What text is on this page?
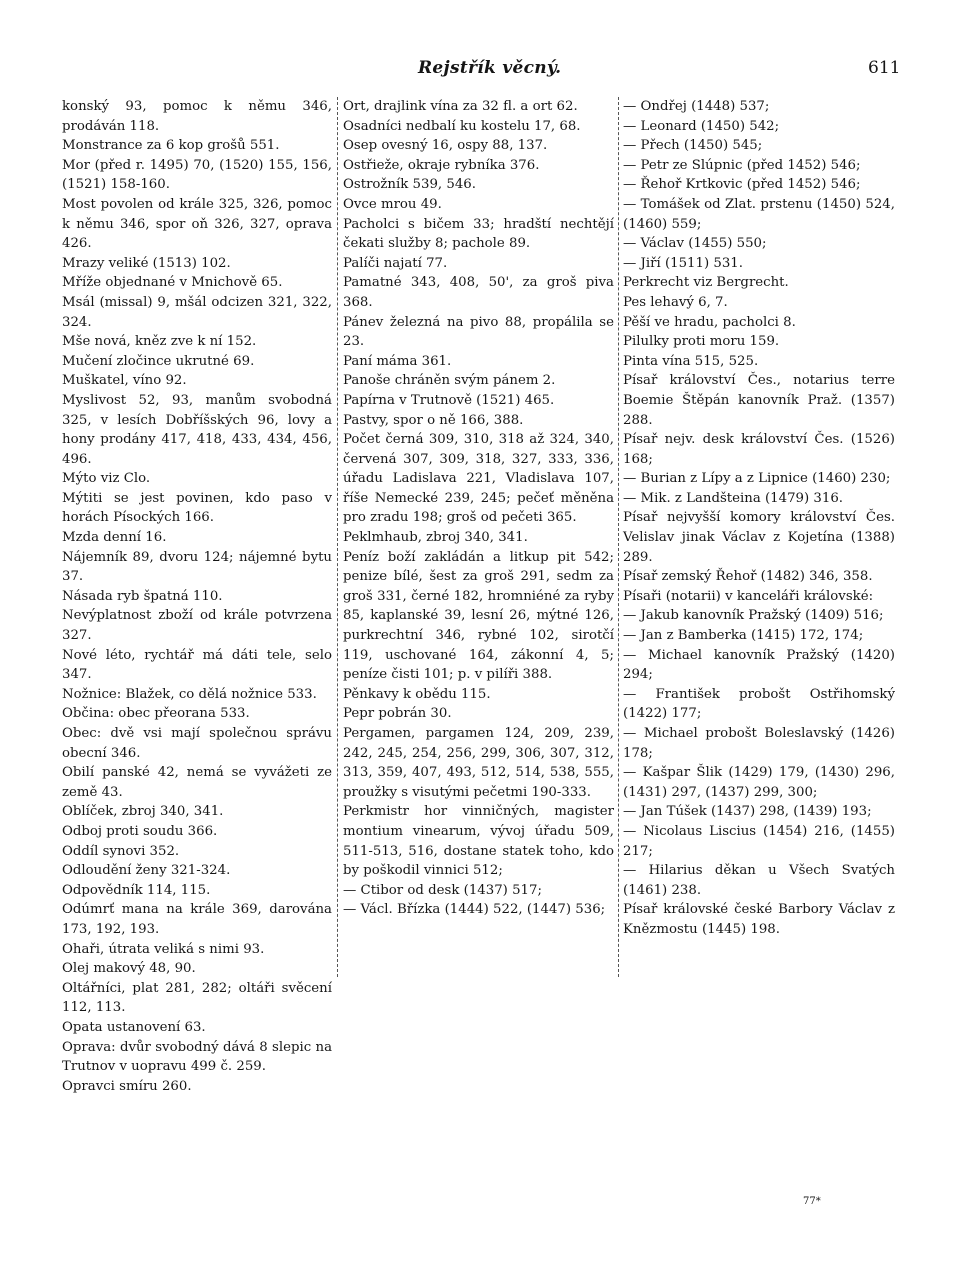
Rejstřík věcný.	611

konský 93, pomoc k němu 346, prodáván 118.

Monstrance za 6 kop grošů 551.

Mor (před r. 1495) 70, (1520) 155, 156, (1521) 158-160.

Most povolen od krále 325, 326, pomoc k němu 346, spor oň 326, 327, oprava 426.

Mrazy veliké (1513) 102.

Mříže objednané v Mnichově 65.

Msál (missal) 9, mšál odcizen 321, 322, 324.

Mše nová, kněz zve k ní 152.

Mučení zločince ukrutné 69.

Muškatel, víno 92.

Myslivost 52, 93, manům svobodná 325, v lesích Dobříšských 96, lovy a hony prodány 417, 418, 433, 434, 456, 496.

Mýto viz Clo.

Mýtiti se jest povinen, kdo paso v horách Písockých 166.

Mzda denní 16.

Nájemník 89, dvoru 124; nájemné bytu 37.

Násada ryb špatná 110.

Nevýplatnost zboží od krále potvrzena 327.

Nové léto, rychtář má dáti tele, selo 347.

Nožnice: Blažek, co dělá nožnice 533.

Občina: obec přeorana 533.

Obec: dvě vsi mají společnou správu obecní 346.

Obilí panské 42, nemá se vyvážeti ze země 43.

Oblíček, zbroj 340, 341.

Odboj proti soudu 366.

Oddíl synovi 352.

Odloudění ženy 321-324.

Odpovědník 114, 115.

Odúmrť mana na krále 369, darována 173, 192, 193.

Ohaři, útrata veliká s nimi 93.

Olej makový 48, 90.

Oltářníci, plat 281, 282; oltáři svěcení 112, 113.

Opata ustanovení 63.

Oprava: dvůr svobodný dává 8 slepic na Trutnov v uopravu 499 č. 259.

Opravci smíru 260.

Ort, drajlink vína za 32 fl. a ort 62.

Osadníci nedbalí ku kostelu 17, 68.

Osep ovesný 16, ospy 88, 137.

Ostřieže, okraje rybníka 376.

Ostrožník 539, 546.

Ovce mrou 49.

Pacholci s bičem 33; hradští nechtějí čekati služby 8; pachole 89.

Palíči najatí 77.

Pamatné 343, 408, 50', za groš piva 368.

Pánev železná na pivo 88, propálila se 23.

Paní máma 361.

Panoše chráněn svým pánem 2.

Papírna v Trutnově (1521) 465.

Pastvy, spor o ně 166, 388.

Počet černá 309, 310, 318 až 324, 340, červená 307, 309, 318, 327, 333, 336, úřadu Ladislava 221, Vladislava 107, říše Nemecké 239, 245; pečeť měněna pro zradu 198; groš od pečeti 365.

Peklmhaub, zbroj 340, 341.

Peníz boží zakládán a litkup pit 542; penize bílé, šest za groš 291, sedm za groš 331, černé 182, hromniéné za ryby 85, kaplanské 39, lesní 26, mýtné 126, purkrechtní 346, rybné 102, sirotčí 119, uschované 164, zákonní 4, 5; peníze čisti 101; p. v pilíři 388.

Pěnkavy k obědu 115.

Pepr pobrán 30.

Pergamen, pargamen 124, 209, 239, 242, 245, 254, 256, 299, 306, 307, 312, 313, 359, 407, 493, 512, 514, 538, 555, proužky s visutými pečetmi 190-333.

Perkmistr hor vinničných, magister montium vinearum, vývoj úřadu 509, 511-513, 516, dostane statek toho, kdo by poškodil vinnici 512;

— Ctibor od desk (1437) 517;

— Václ. Břízka (1444) 522, (1447) 536;

— Ondřej (1448) 537;

— Leonard (1450) 542;

— Přech (1450) 545;

— Petr ze Slúpnic (před 1452) 546;

— Řehoř Krtkovic (před 1452) 546;

— Tomášek od Zlat. prstenu (1450) 524, (1460) 559;

— Václav (1455) 550;

— Jiří (1511) 531.

Perkrecht viz Bergrecht.

Pes lehavý 6, 7.

Pěší ve hradu, pacholci 8.

Pilulky proti moru 159.

Pinta vína 515, 525.

Písař království Čes., notarius terre Boemie Štěpán kanovník Praž. (1357) 288.

Písař nejv. desk království Čes. (1526) 168;

— Burian z Lípy a z Lipnice (1460) 230;

— Mik. z Landšteina (1479) 316.

Písař nejvyšší komory království Čes. Velislav jinak Václav z Kojetína (1388) 289.

Písař zemský Řehoř (1482) 346, 358.

Písaři (notarii) v kanceláři královské:

— Jakub kanovník Pražský (1409) 516;

— Jan z Bamberka (1415) 172, 174;

— Michael kanovník Pražský (1420) 294;

— František probošt Ostřihomský (1422) 177;

— Michael probošt Boleslavský (1426) 178;

— Kašpar Šlik (1429) 179, (1430) 296, (1431) 297, (1437) 299, 300;

— Jan Túšek (1437) 298, (1439) 193;

— Nicolaus Liscius (1454) 216, (1455) 217;

— Hilarius děkan u Všech Svatých (1461) 238.

Písař královské české Barbory Václav z Knězmostu (1445) 198.

77*
